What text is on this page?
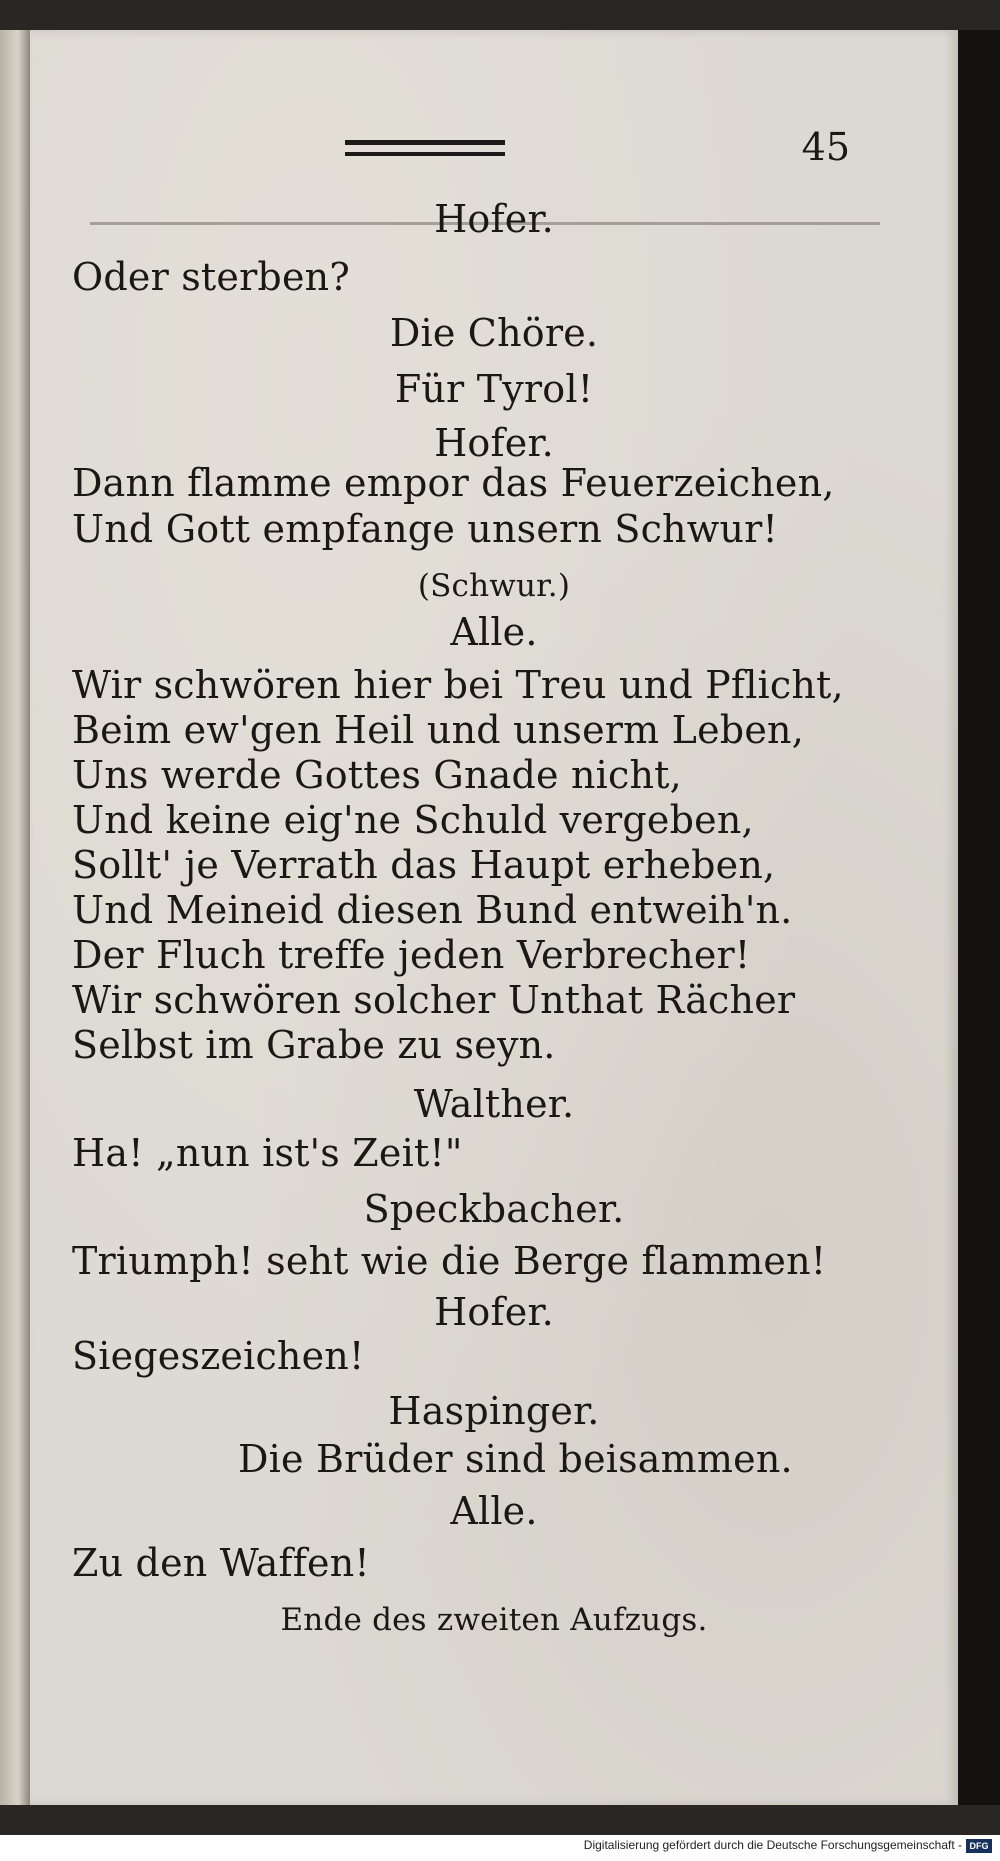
45
Hofer.
Oder sterben?
Die Chöre.
Für Tyrol!
Hofer.
Dann flamme empor das Feuerzeichen,
Und Gott empfange unsern Schwur!
(Schwur.)
Alle.
Wir schwören hier bei Treu und Pflicht,
Beim ew'gen Heil und unserm Leben,
Uns werde Gottes Gnade nicht,
Und keine eig'ne Schuld vergeben,
Sollt' je Verrath das Haupt erheben,
Und Meineid diesen Bund entweih'n.
Der Fluch treffe jeden Verbrecher!
Wir schwören solcher Unthat Rächer
Selbst im Grabe zu seyn.
Walther.
Ha! „nun ist's Zeit!"
Speckbacher.
Triumph! seht wie die Berge flammen!
Hofer.
Siegeszeichen!
Haspinger.
Die Brüder sind beisammen.
Alle.
Zu den Waffen!
Ende des zweiten Aufzugs.
Digitalisierung gefördert durch die Deutsche Forschungsgemeinschaft - DFG
